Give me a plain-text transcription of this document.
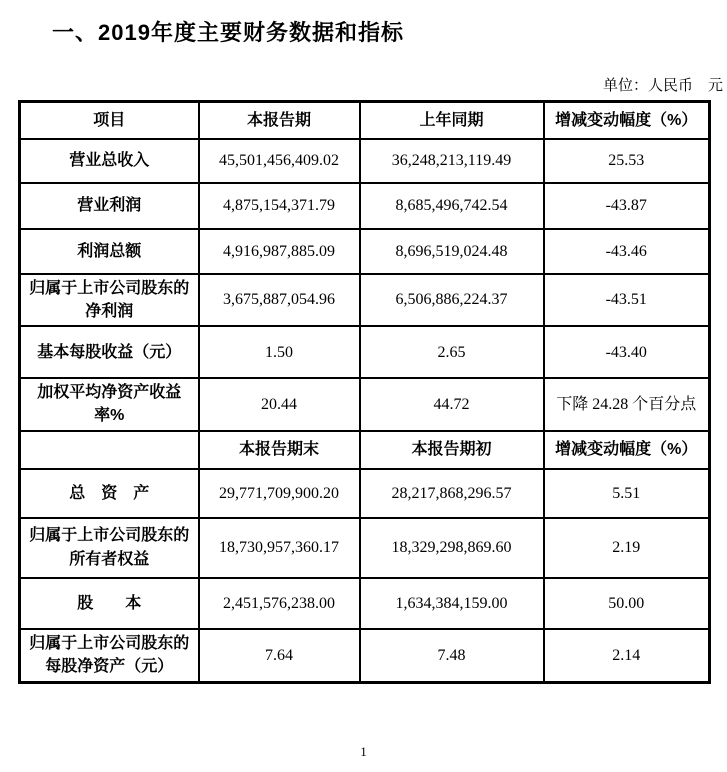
一、2019年度主要财务数据和指标
单位：人民币　元
项目	本报告期	上年同期	增减变动幅度（%）
营业总收入	45,501,456,409.02	36,248,213,119.49	25.53
营业利润	4,875,154,371.79	8,685,496,742.54	-43.87
利润总额	4,916,987,885.09	8,696,519,024.48	-43.46
归属于上市公司股东的净利润	3,675,887,054.96	6,506,886,224.37	-43.51
基本每股收益（元）	1.50	2.65	-43.40
加权平均净资产收益率%	20.44	44.72	下降 24.28 个百分点
	本报告期末	本报告期初	增减变动幅度（%）
总　资　产	29,771,709,900.20	28,217,868,296.57	5.51
归属于上市公司股东的所有者权益	18,730,957,360.17	18,329,298,869.60	2.19
股　　本	2,451,576,238.00	1,634,384,159.00	50.00
归属于上市公司股东的每股净资产（元）	7.64	7.48	2.14
1
